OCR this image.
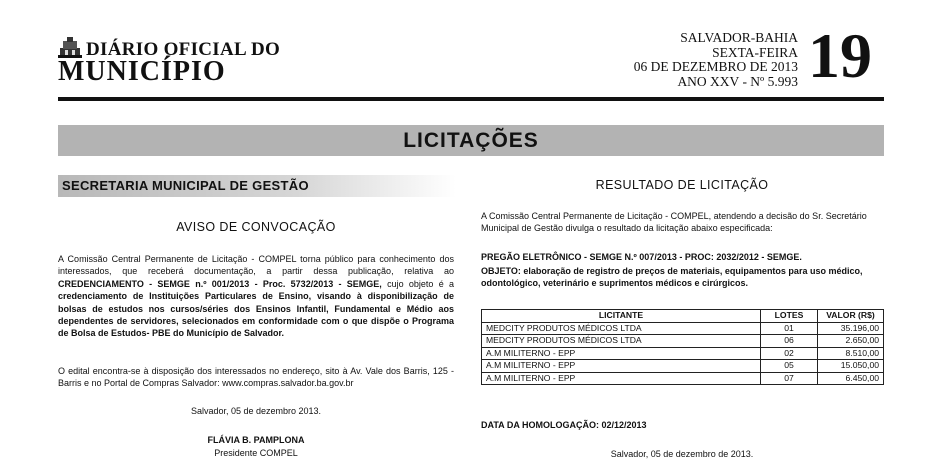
DIÁRIO OFICIAL DO
MUNICÍPIO
SALVADOR-BAHIA
SEXTA-FEIRA
06 DE DEZEMBRO DE 2013
ANO XXV - Nº 5.993 19
LICITAÇÕES
SECRETARIA MUNICIPAL DE GESTÃO
AVISO DE CONVOCAÇÃO
A Comissão Central Permanente de Licitação - COMPEL torna público para conhecimento dos interessados, que receberá documentação, a partir dessa publicação, relativa ao CREDENCIAMENTO - SEMGE n.º 001/2013 - Proc. 5732/2013 - SEMGE, cujo objeto é a credenciamento de Instituições Particulares de Ensino, visando à disponibilização de bolsas de estudos nos cursos/séries dos Ensinos Infantil, Fundamental e Médio aos dependentes de servidores, selecionados em conformidade com o que dispõe o Programa de Bolsa de Estudos- PBE do Município de Salvador.
O edital encontra-se à disposição dos interessados no endereço, sito à Av. Vale dos Barris, 125 - Barris e no Portal de Compras Salvador: www.compras.salvador.ba.gov.br
Salvador, 05 de dezembro 2013.
FLÁVIA B. PAMPLONA
Presidente COMPEL
RESULTADO DE LICITAÇÃO
A Comissão Central Permanente de Licitação - COMPEL, atendendo a decisão do Sr. Secretário Municipal de Gestão divulga o resultado da licitação abaixo especificada:
PREGÃO ELETRÔNICO - SEMGE N.º 007/2013 - PROC: 2032/2012 - SEMGE.
OBJETO: elaboração de registro de preços de materiais, equipamentos para uso médico, odontológico, veterinário e suprimentos médicos e cirúrgicos.
LICITANTE	LOTES	VALOR (R$)
MEDCITY PRODUTOS MÉDICOS LTDA	01	35.196,00
MEDCITY PRODUTOS MÉDICOS LTDA	06	2.650,00
A.M MILITERNO - EPP	02	8.510,00
A.M MILITERNO - EPP	05	15.050,00
A.M MILITERNO - EPP	07	6.450,00
DATA DA HOMOLOGAÇÃO: 02/12/2013
Salvador, 05 de dezembro de 2013.
